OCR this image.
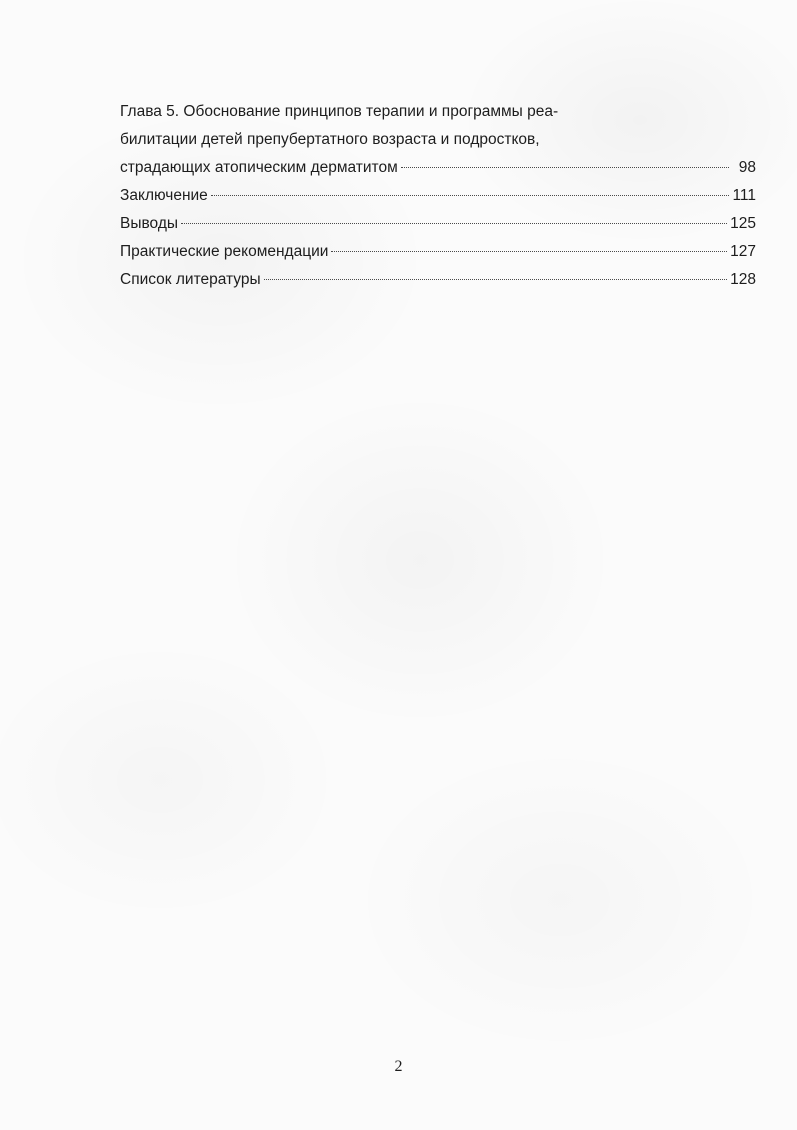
Глава 5. Обоснование принципов терапии и программы реа-
билитации детей препубертатного возраста и подростков,
страдающих атопическим дерматитом	98
Заключение	111
Выводы	125
Практические рекомендации	127
Список литературы	128
2
